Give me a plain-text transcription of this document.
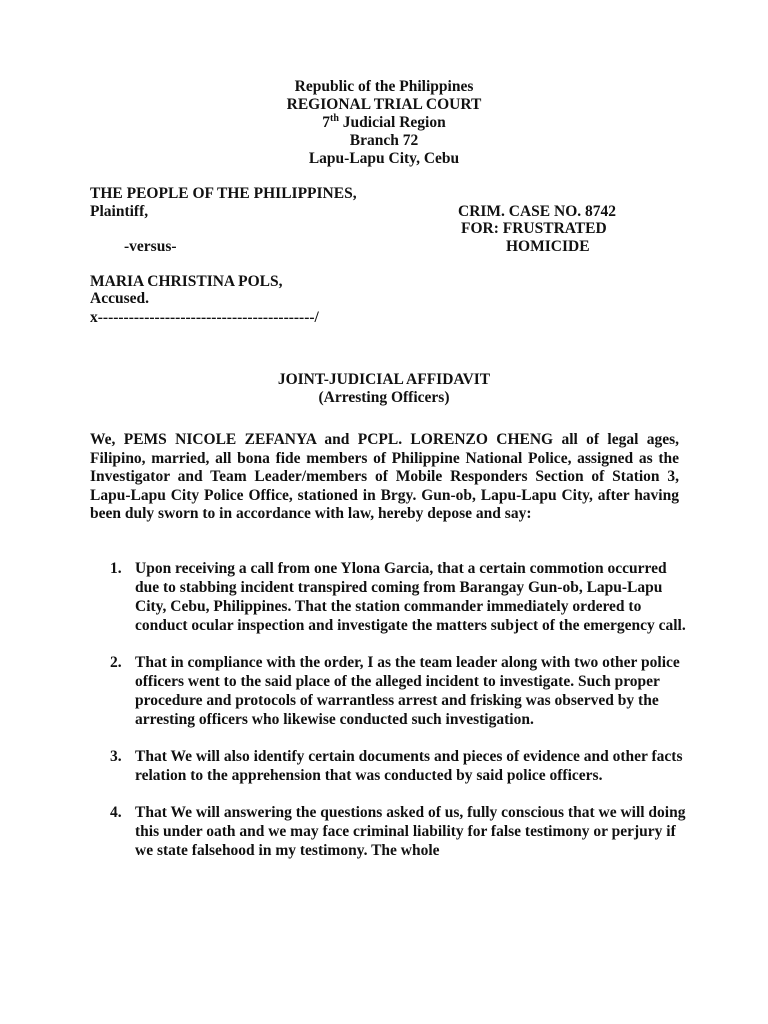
Republic of the Philippines
REGIONAL TRIAL COURT
7th Judicial Region
Branch 72
Lapu-Lapu City, Cebu
THE PEOPLE OF THE PHILIPPINES,
Plaintiff,	CRIM. CASE NO. 8742
FOR: FRUSTRATED
-versus-	HOMICIDE
MARIA CHRISTINA POLS,
Accused.
x------------------------------------------/
JOINT-JUDICIAL AFFIDAVIT
(Arresting Officers)
We, PEMS NICOLE ZEFANYA and PCPL. LORENZO CHENG all of legal ages, Filipino, married, all bona fide members of Philippine National Police, assigned as the Investigator and Team Leader/members of Mobile Responders Section of Station 3, Lapu-Lapu City Police Office, stationed in Brgy. Gun-ob, Lapu-Lapu City, after having been duly sworn to in accordance with law, hereby depose and say:
1. Upon receiving a call from one Ylona Garcia, that a certain commotion occurred due to stabbing incident transpired coming from Barangay Gun-ob, Lapu-Lapu City, Cebu, Philippines. That the station commander immediately ordered to conduct ocular inspection and investigate the matters subject of the emergency call.
2. That in compliance with the order, I as the team leader along with two other police officers went to the said place of the alleged incident to investigate. Such proper procedure and protocols of warrantless arrest and frisking was observed by the arresting officers who likewise conducted such investigation.
3. That We will also identify certain documents and pieces of evidence and other facts relation to the apprehension that was conducted by said police officers.
4. That We will answering the questions asked of us, fully conscious that we will doing this under oath and we may face criminal liability for false testimony or perjury if we state falsehood in my testimony. The whole
